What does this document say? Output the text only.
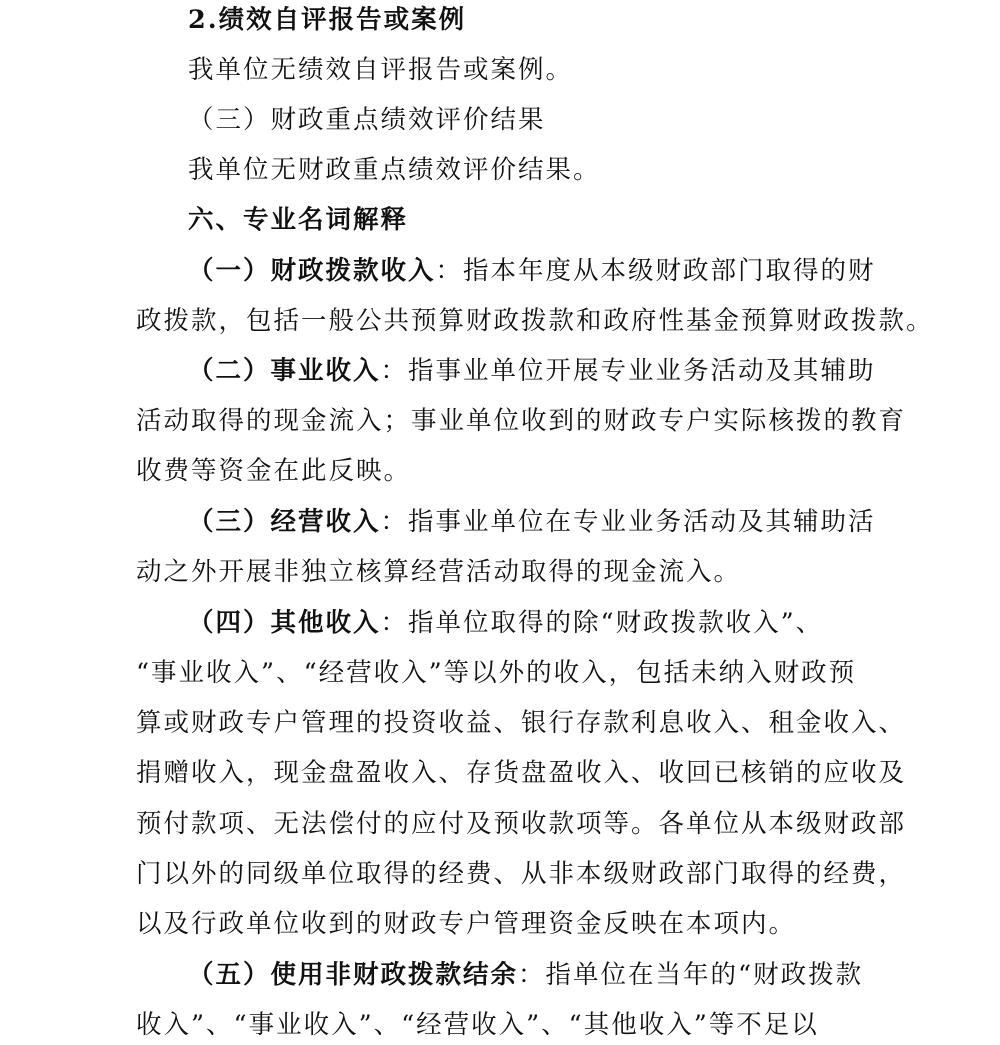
2.绩效自评报告或案例
我单位无绩效自评报告或案例。
（三）财政重点绩效评价结果
我单位无财政重点绩效评价结果。
六、专业名词解释
（一）财政拨款收入：指本年度从本级财政部门取得的财
政拨款，包括一般公共预算财政拨款和政府性基金预算财政拨款。
（二）事业收入：指事业单位开展专业业务活动及其辅助
活动取得的现金流入；事业单位收到的财政专户实际核拨的教育
收费等资金在此反映。
（三）经营收入：指事业单位在专业业务活动及其辅助活
动之外开展非独立核算经营活动取得的现金流入。
（四）其他收入：指单位取得的除“财政拨款收入”、
“事业收入”、“经营收入”等以外的收入，包括未纳入财政预
算或财政专户管理的投资收益、银行存款利息收入、租金收入、
捐赠收入，现金盘盈收入、存货盘盈收入、收回已核销的应收及
预付款项、无法偿付的应付及预收款项等。各单位从本级财政部
门以外的同级单位取得的经费、从非本级财政部门取得的经费，
以及行政单位收到的财政专户管理资金反映在本项内。
（五）使用非财政拨款结余：指单位在当年的“财政拨款
收入”、“事业收入”、“经营收入”、“其他收入”等不足以
